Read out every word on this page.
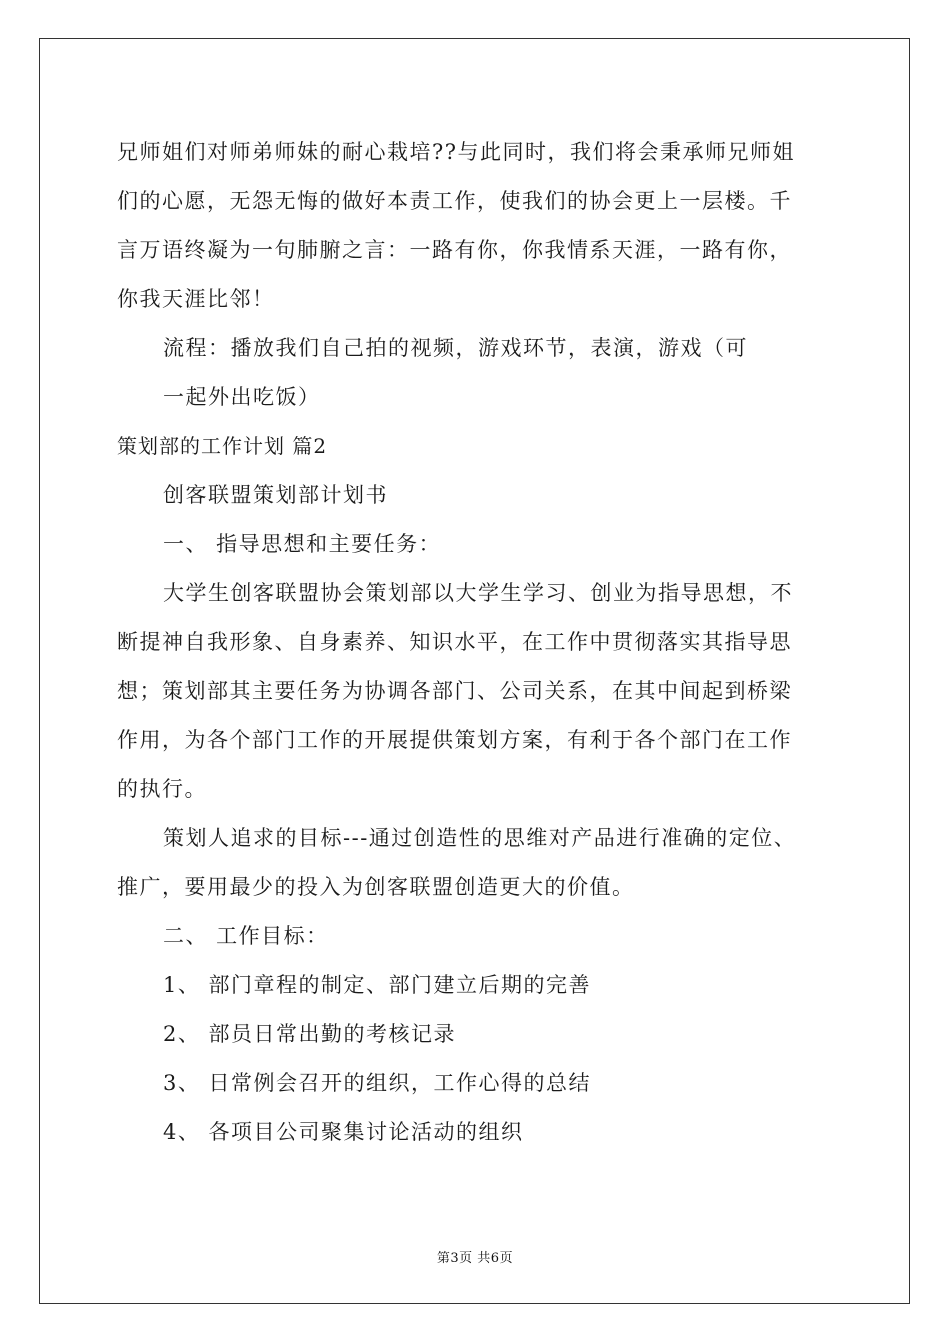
兄师姐们对师弟师妹的耐心栽培??与此同时，我们将会秉承师兄师姐
们的心愿，无怨无悔的做好本责工作，使我们的协会更上一层楼。千
言万语终凝为一句肺腑之言：一路有你，你我情系天涯，一路有你，
你我天涯比邻！
流程：播放我们自己拍的视频，游戏环节，表演，游戏（可
一起外出吃饭）
策划部的工作计划 篇2
创客联盟策划部计划书
一、 指导思想和主要任务：
大学生创客联盟协会策划部以大学生学习、创业为指导思想，不
断提神自我形象、自身素养、知识水平，在工作中贯彻落实其指导思
想；策划部其主要任务为协调各部门、公司关系，在其中间起到桥梁
作用，为各个部门工作的开展提供策划方案，有利于各个部门在工作
的执行。
策划人追求的目标---通过创造性的思维对产品进行准确的定位、
推广，要用最少的投入为创客联盟创造更大的价值。
二、 工作目标：
1、 部门章程的制定、部门建立后期的完善
2、 部员日常出勤的考核记录
3、 日常例会召开的组织，工作心得的总结
4、 各项目公司聚集讨论活动的组织
第3页 共6页
